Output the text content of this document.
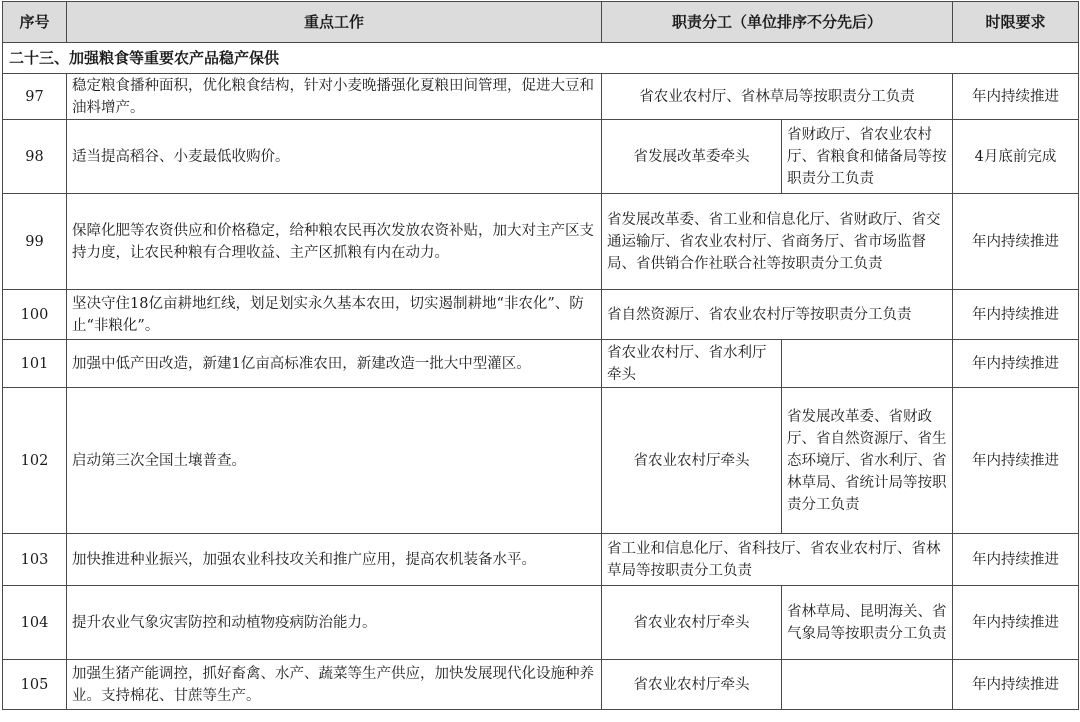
序号	重点工作	职责分工（单位排序不分先后）		时限要求
二十三、加强粮食等重要农产品稳产保供				
97	稳定粮食播种面积，优化粮食结构，针对小麦晚播强化夏粮田间管理，促进大豆和油料增产。	省农业农村厅、省林草局等按职责分工负责		年内持续推进
98	适当提高稻谷、小麦最低收购价。	省发展改革委牵头	省财政厅、省农业农村厅、省粮食和储备局等按职责分工负责	4月底前完成
99	保障化肥等农资供应和价格稳定，给种粮农民再次发放农资补贴，加大对主产区支持力度，让农民种粮有合理收益、主产区抓粮有内在动力。	省发展改革委、省工业和信息化厅、省财政厅、省交通运输厅、省农业农村厅、省商务厅、省市场监督局、省供销合作社联合社等按职责分工负责		年内持续推进
100	坚决守住18亿亩耕地红线，划足划实永久基本农田，切实遏制耕地“非农化”、防止“非粮化”。	省自然资源厅、省农业农村厅等按职责分工负责		年内持续推进
101	加强中低产田改造，新建1亿亩高标准农田，新建改造一批大中型灌区。	省农业农村厅、省水利厅牵头		年内持续推进
102	启动第三次全国土壤普查。	省农业农村厅牵头	省发展改革委、省财政厅、省自然资源厅、省生态环境厅、省水利厅、省林草局、省统计局等按职责分工负责	年内持续推进
103	加快推进种业振兴，加强农业科技攻关和推广应用，提高农机装备水平。	省工业和信息化厅、省科技厅、省农业农村厅、省林草局等按职责分工负责		年内持续推进
104	提升农业气象灾害防控和动植物疫病防治能力。	省农业农村厅牵头	省林草局、昆明海关、省气象局等按职责分工负责	年内持续推进
105	加强生猪产能调控，抓好畜禽、水产、蔬菜等生产供应，加快发展现代化设施种养业。支持棉花、甘蔗等生产。	省农业农村厅牵头		年内持续推进
